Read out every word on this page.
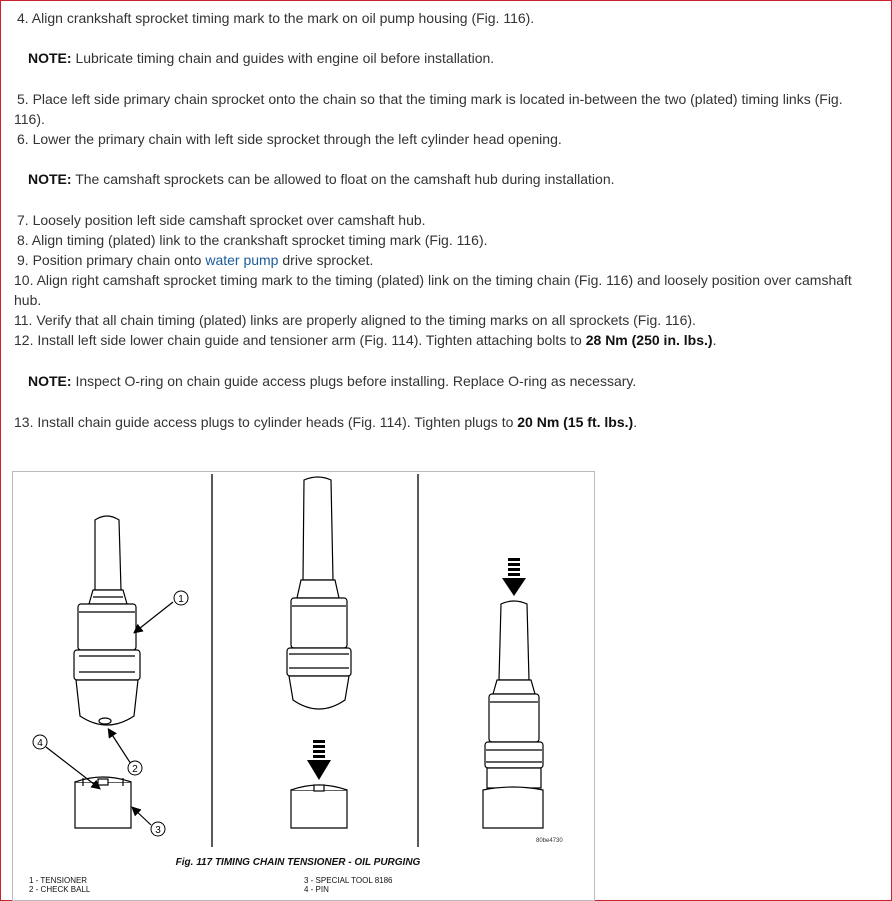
4. Align crankshaft sprocket timing mark to the mark on oil pump housing (Fig. 116).
NOTE: Lubricate timing chain and guides with engine oil before installation.
5. Place left side primary chain sprocket onto the chain so that the timing mark is located in-between the two (plated) timing links (Fig. 116).
6. Lower the primary chain with left side sprocket through the left cylinder head opening.
NOTE: The camshaft sprockets can be allowed to float on the camshaft hub during installation.
7. Loosely position left side camshaft sprocket over camshaft hub.
8. Align timing (plated) link to the crankshaft sprocket timing mark (Fig. 116).
9. Position primary chain onto water pump drive sprocket.
10. Align right camshaft sprocket timing mark to the timing (plated) link on the timing chain (Fig. 116) and loosely position over camshaft hub.
11. Verify that all chain timing (plated) links are properly aligned to the timing marks on all sprockets (Fig. 116).
12. Install left side lower chain guide and tensioner arm (Fig. 114). Tighten attaching bolts to 28 Nm (250 in. lbs.).
NOTE: Inspect O-ring on chain guide access plugs before installing. Replace O-ring as necessary.
13. Install chain guide access plugs to cylinder heads (Fig. 114). Tighten plugs to 20 Nm (15 ft. lbs.).
1
2
4
3
80be4730
Fig. 117 TIMING CHAIN TENSIONER - OIL PURGING
1 - TENSIONER
2 - CHECK BALL
3 - SPECIAL TOOL 8186
4 - PIN
